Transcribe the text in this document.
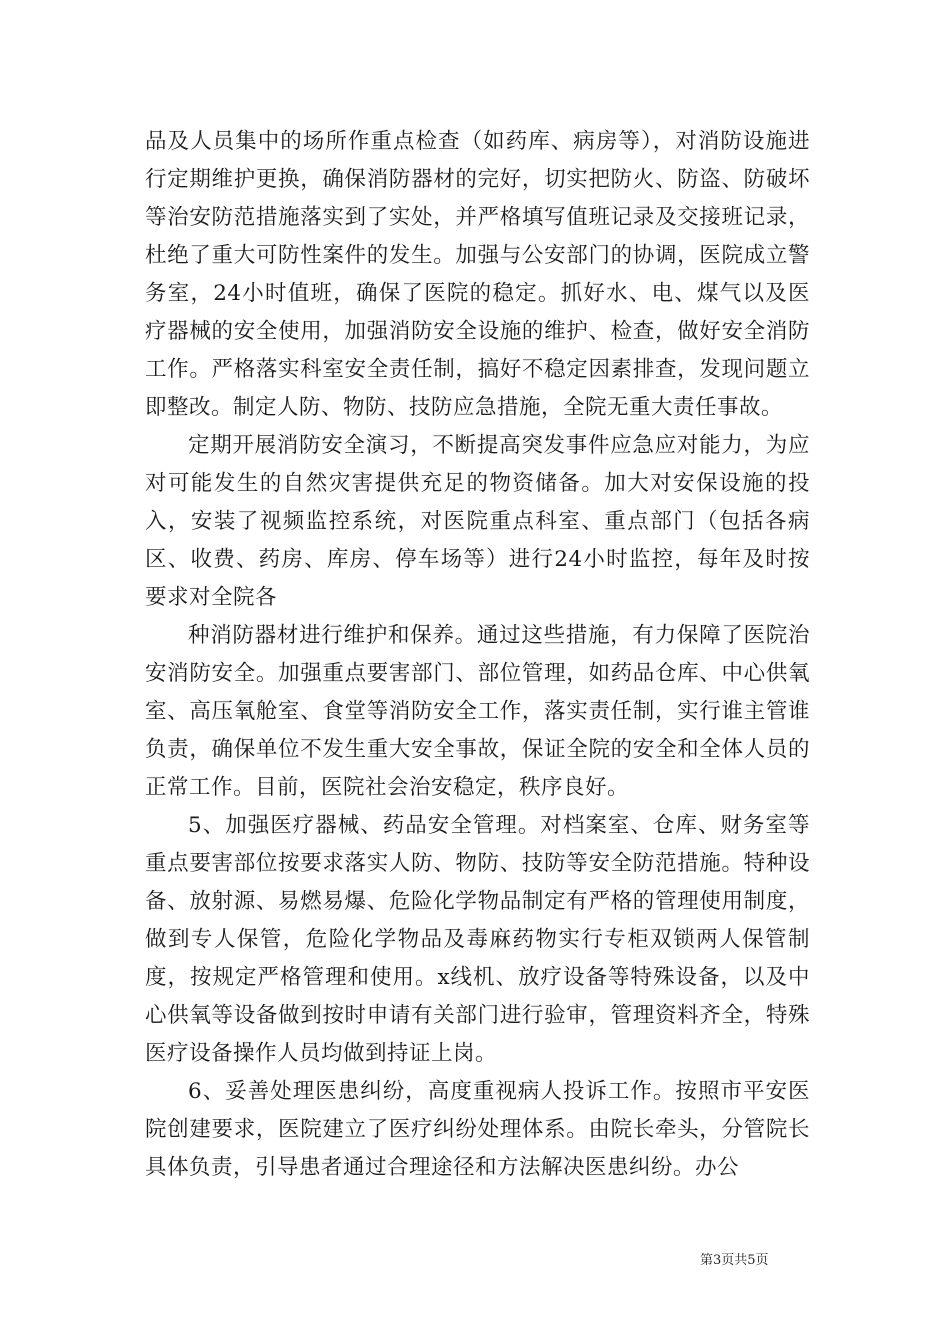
品及人员集中的场所作重点检查（如药库、病房等），对消防设施进行定期维护更换，确保消防器材的完好，切实把防火、防盗、防破坏等治安防范措施落实到了实处，并严格填写值班记录及交接班记录，杜绝了重大可防性案件的发生。加强与公安部门的协调，医院成立警务室，24小时值班，确保了医院的稳定。抓好水、电、煤气以及医疗器械的安全使用，加强消防安全设施的维护、检查，做好安全消防工作。严格落实科室安全责任制，搞好不稳定因素排查，发现问题立即整改。制定人防、物防、技防应急措施，全院无重大责任事故。

定期开展消防安全演习，不断提高突发事件应急应对能力，为应对可能发生的自然灾害提供充足的物资储备。加大对安保设施的投入，安装了视频监控系统，对医院重点科室、重点部门（包括各病区、收费、药房、库房、停车场等）进行24小时监控，每年及时按要求对全院各

种消防器材进行维护和保养。通过这些措施，有力保障了医院治安消防安全。加强重点要害部门、部位管理，如药品仓库、中心供氧室、高压氧舱室、食堂等消防安全工作，落实责任制，实行谁主管谁负责，确保单位不发生重大安全事故，保证全院的安全和全体人员的正常工作。目前，医院社会治安稳定，秩序良好。

5、加强医疗器械、药品安全管理。对档案室、仓库、财务室等重点要害部位按要求落实人防、物防、技防等安全防范措施。特种设备、放射源、易燃易爆、危险化学物品制定有严格的管理使用制度，做到专人保管，危险化学物品及毒麻药物实行专柜双锁两人保管制度，按规定严格管理和使用。x线机、放疗设备等特殊设备，以及中心供氧等设备做到按时申请有关部门进行验审，管理资料齐全，特殊医疗设备操作人员均做到持证上岗。

6、妥善处理医患纠纷，高度重视病人投诉工作。按照市平安医院创建要求，医院建立了医疗纠纷处理体系。由院长牵头，分管院长具体负责，引导患者通过合理途径和方法解决医患纠纷。办公

第3页共5页
